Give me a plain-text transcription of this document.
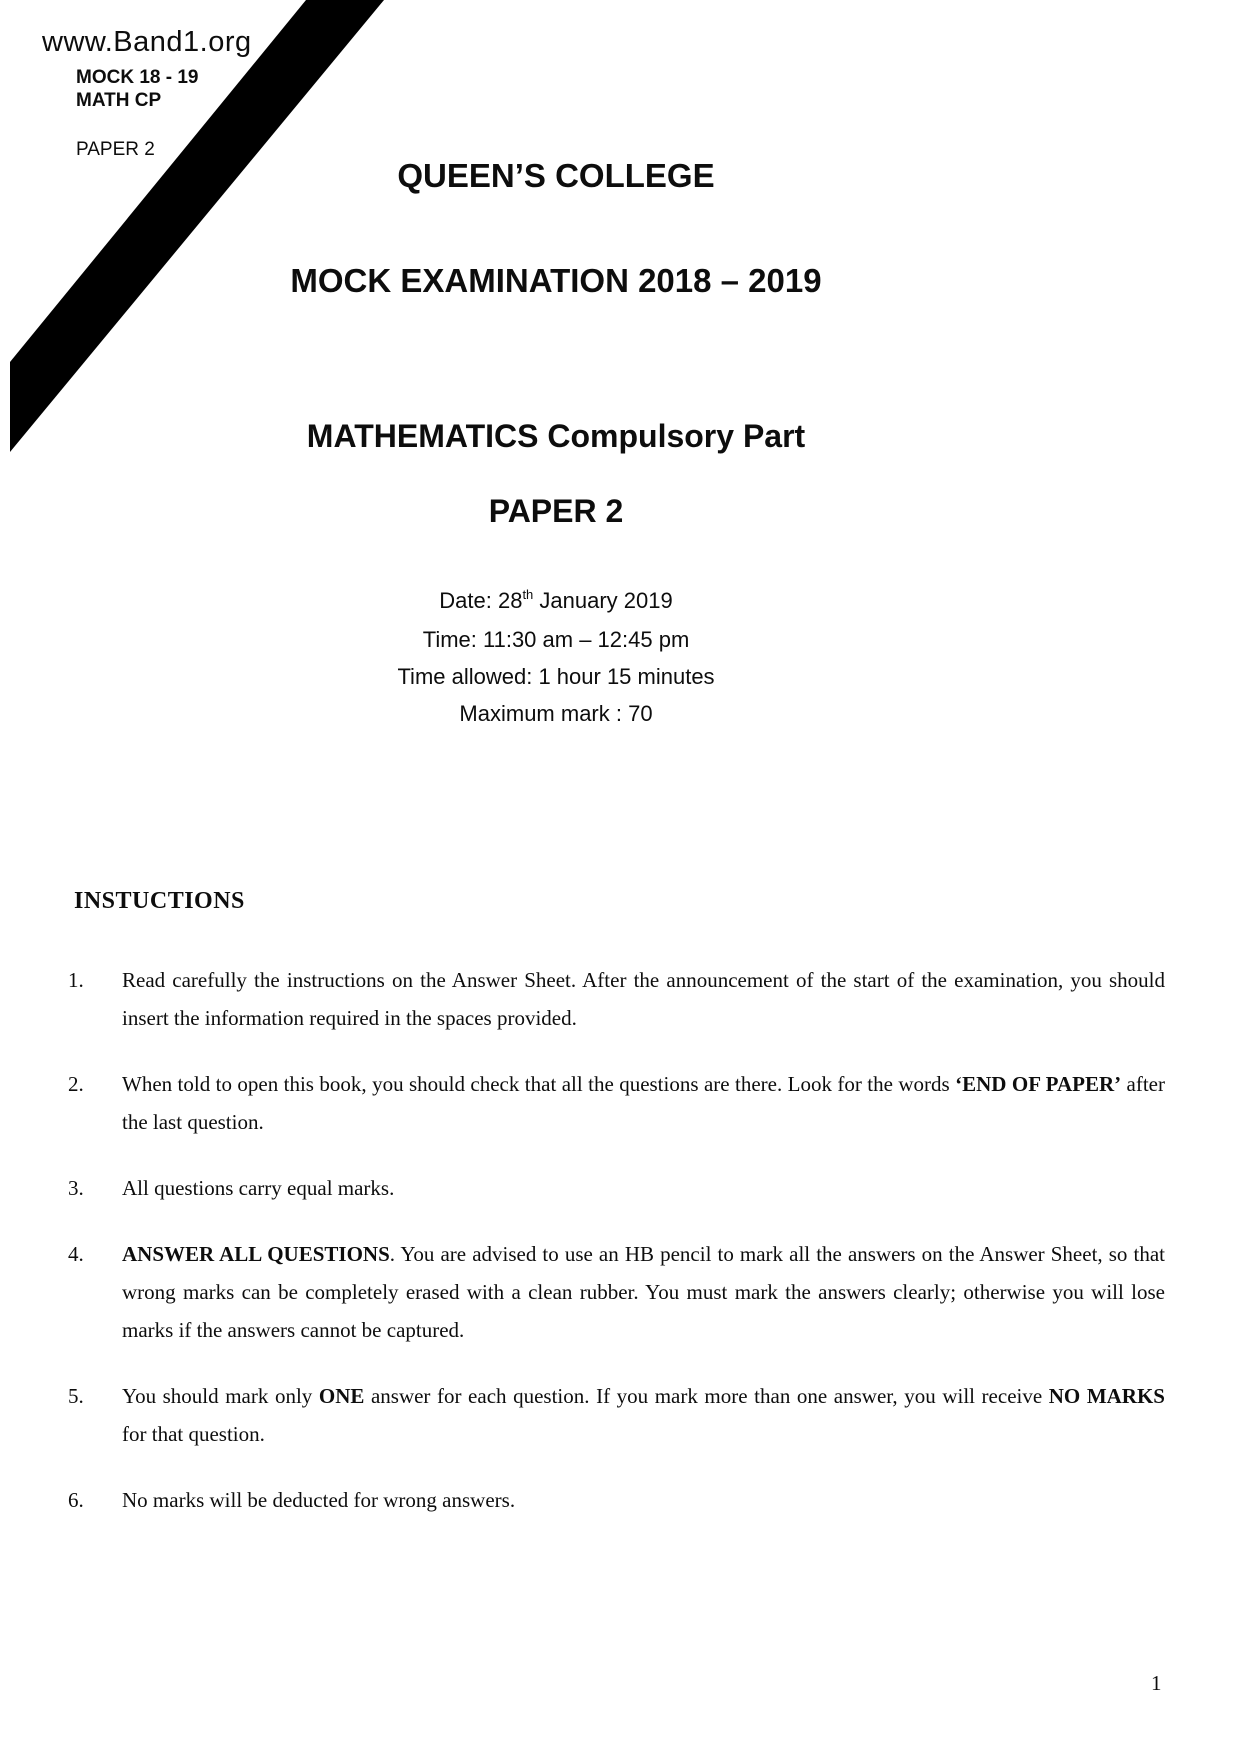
www.Band1.org
MOCK 18 - 19
MATH CP
PAPER 2
QUEEN’S COLLEGE
MOCK EXAMINATION 2018 – 2019
MATHEMATICS Compulsory Part
PAPER 2
Date: 28th January 2019
Time: 11:30 am – 12:45 pm
Time allowed: 1 hour 15 minutes
Maximum mark : 70
INSTUCTIONS
1. Read carefully the instructions on the Answer Sheet. After the announcement of the start of the examination, you should insert the information required in the spaces provided.
2. When told to open this book, you should check that all the questions are there. Look for the words ‘END OF PAPER’ after the last question.
3. All questions carry equal marks.
4. ANSWER ALL QUESTIONS. You are advised to use an HB pencil to mark all the answers on the Answer Sheet, so that wrong marks can be completely erased with a clean rubber. You must mark the answers clearly; otherwise you will lose marks if the answers cannot be captured.
5. You should mark only ONE answer for each question. If you mark more than one answer, you will receive NO MARKS for that question.
6. No marks will be deducted for wrong answers.
1
